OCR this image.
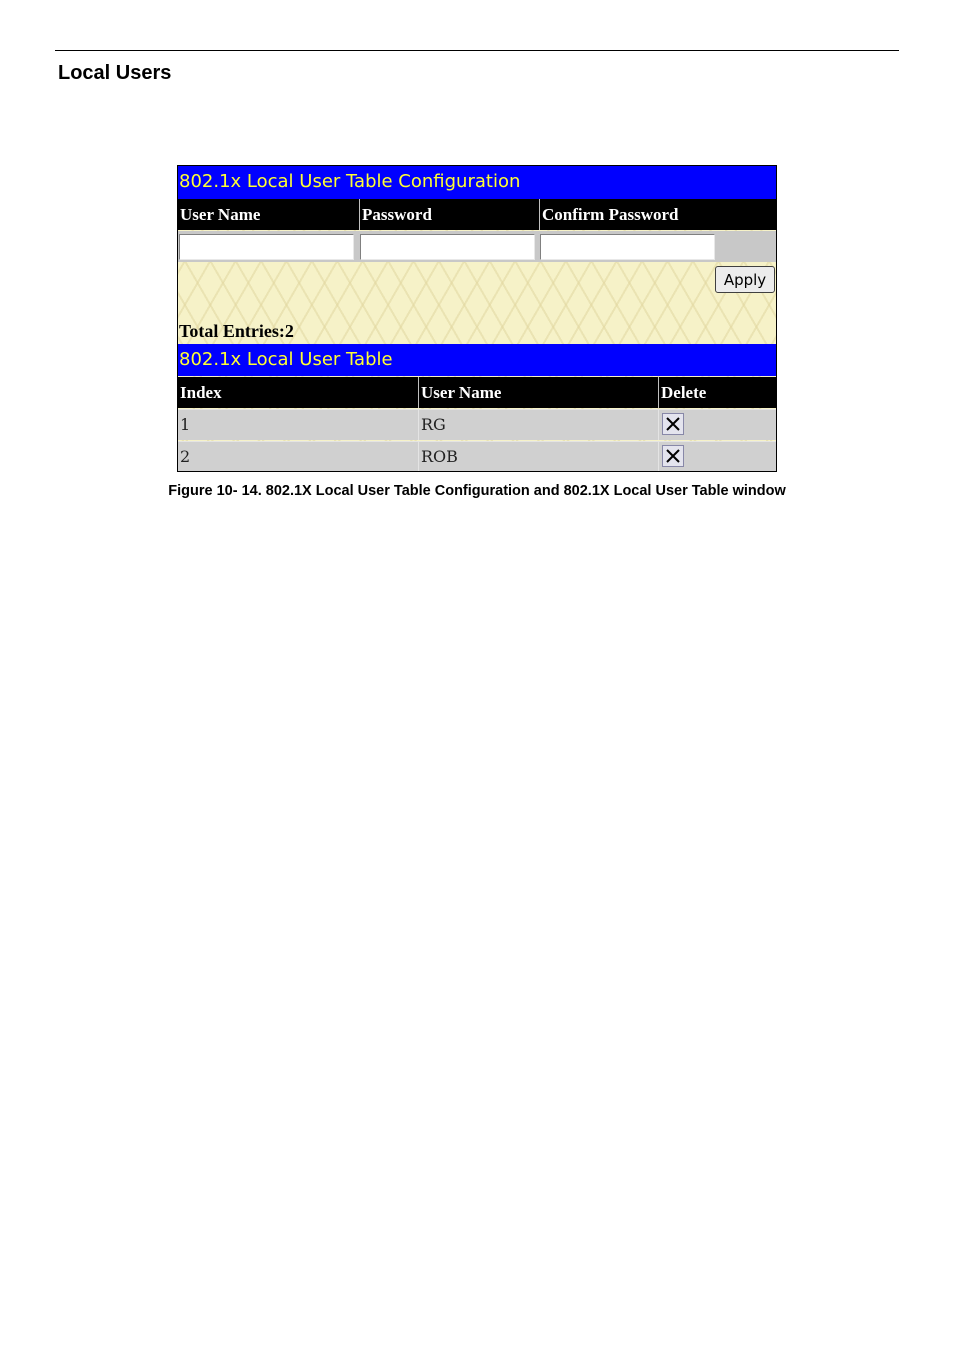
Local Users
802.1x Local User Table Configuration
User Name	Password	Confirm Password
Apply
Total Entries:2
802.1x Local User Table
Index	User Name	Delete
1	RG
2	ROB
Figure 10- 14. 802.1X Local User Table Configuration and 802.1X Local User Table window
